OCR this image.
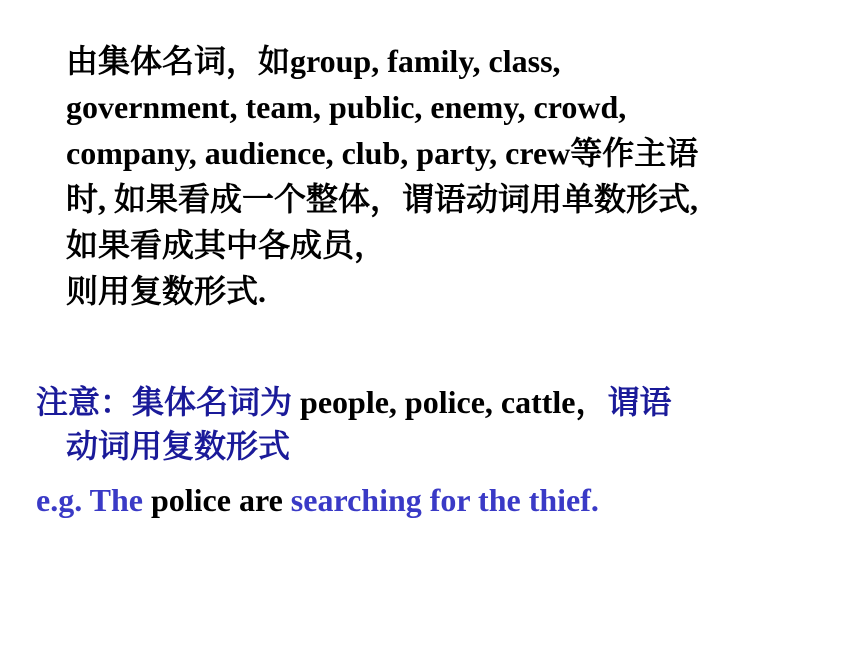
由集体名词，如group, family, class,
government, team, public, enemy, crowd,
company, audience, club, party, crew等作主语
时, 如果看成一个整体，谓语动词用单数形式,
如果看成其中各成员，
则用复数形式.
注意：集体名词为 people, police, cattle，谓语
动词用复数形式
e.g. The police are searching for the thief.
